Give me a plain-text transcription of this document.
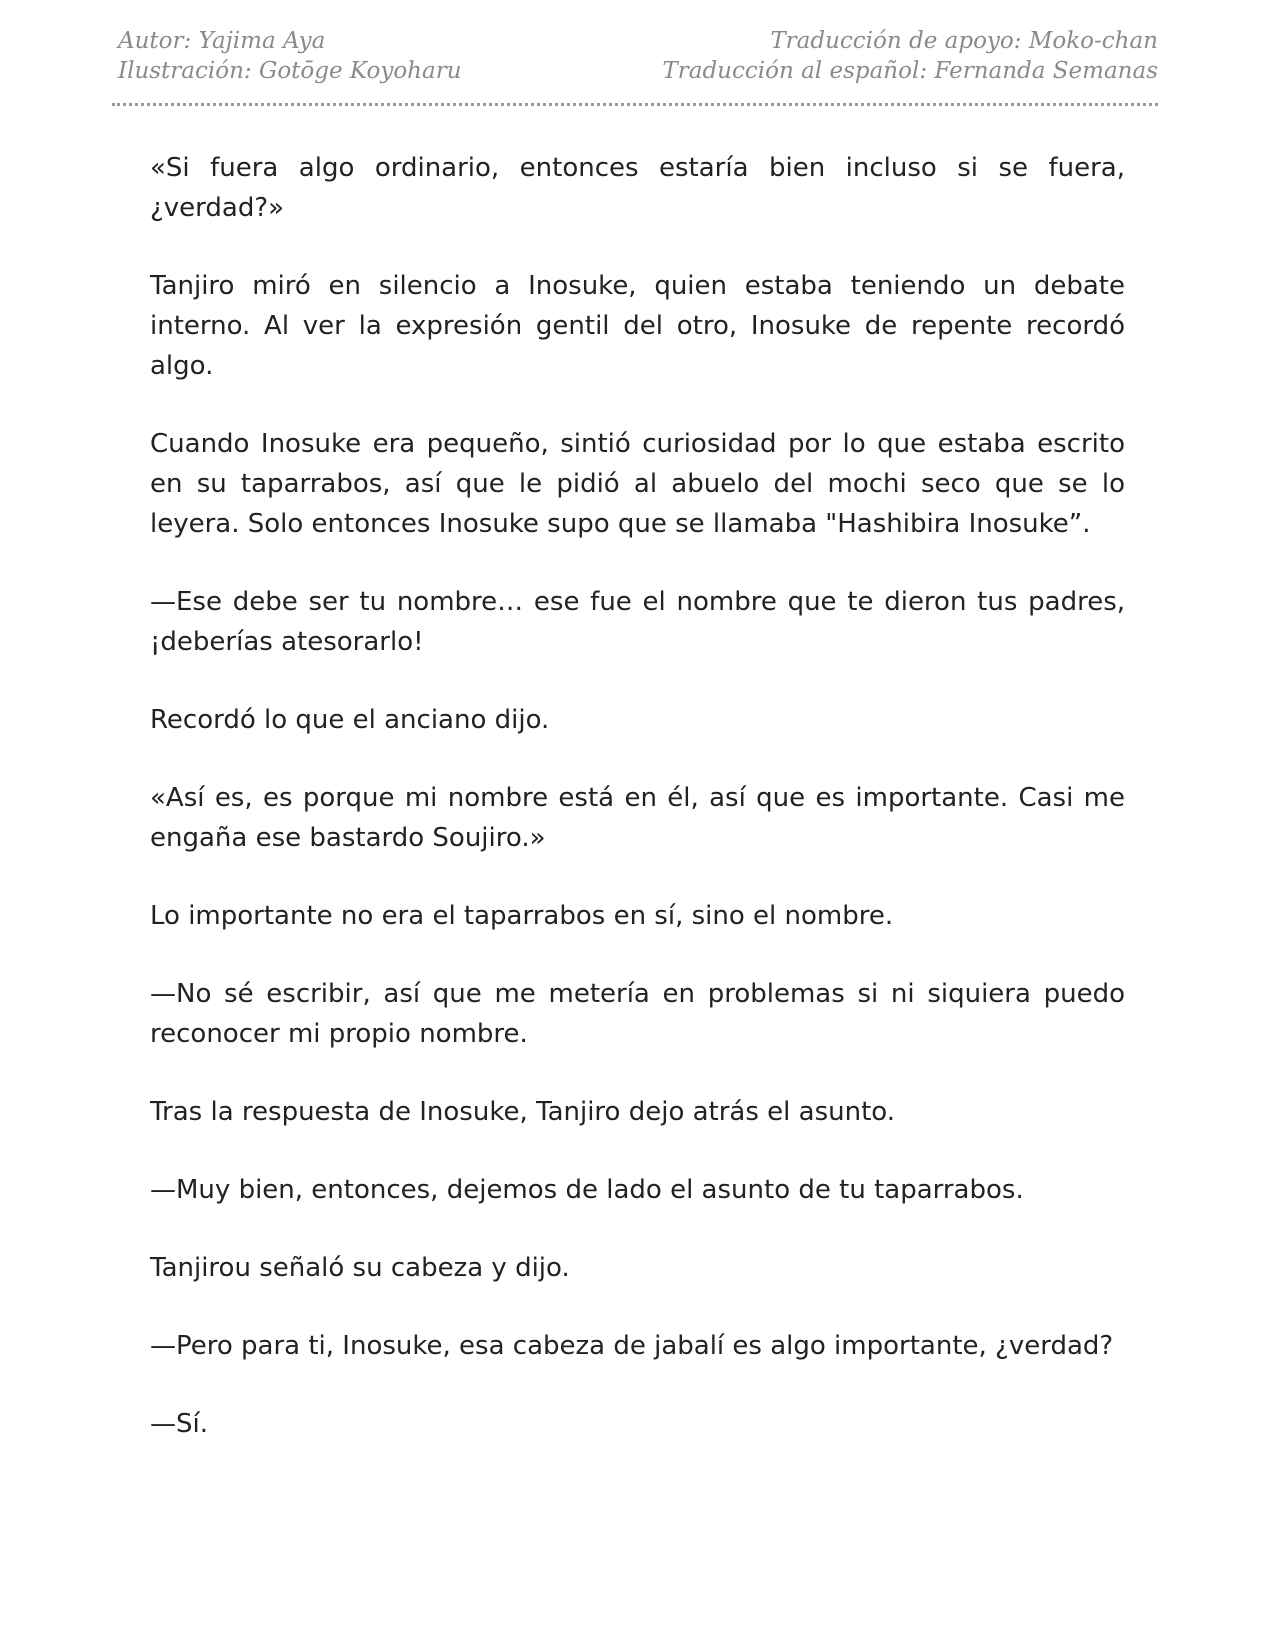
Autor: Yajima Aya	Traducción de apoyo: Moko-chan
Ilustración: Gotōge Koyoharu	Traducción al español: Fernanda Semanas

«Si fuera algo ordinario, entonces estaría bien incluso si se fuera, ¿verdad?»

Tanjiro miró en silencio a Inosuke, quien estaba teniendo un debate interno. Al ver la expresión gentil del otro, Inosuke de repente recordó algo.

Cuando Inosuke era pequeño, sintió curiosidad por lo que estaba escrito en su taparrabos, así que le pidió al abuelo del mochi seco que se lo leyera. Solo entonces Inosuke supo que se llamaba "Hashibira Inosuke”.

—Ese debe ser tu nombre… ese fue el nombre que te dieron tus padres, ¡deberías atesorarlo!

Recordó lo que el anciano dijo.

«Así es, es porque mi nombre está en él, así que es importante. Casi me engaña ese bastardo Soujiro.»

Lo importante no era el taparrabos en sí, sino el nombre.

—No sé escribir, así que me metería en problemas si ni siquiera puedo reconocer mi propio nombre.

Tras la respuesta de Inosuke, Tanjiro dejo atrás el asunto.

—Muy bien, entonces, dejemos de lado el asunto de tu taparrabos.

Tanjirou señaló su cabeza y dijo.

—Pero para ti, Inosuke, esa cabeza de jabalí es algo importante, ¿verdad?

—Sí.
